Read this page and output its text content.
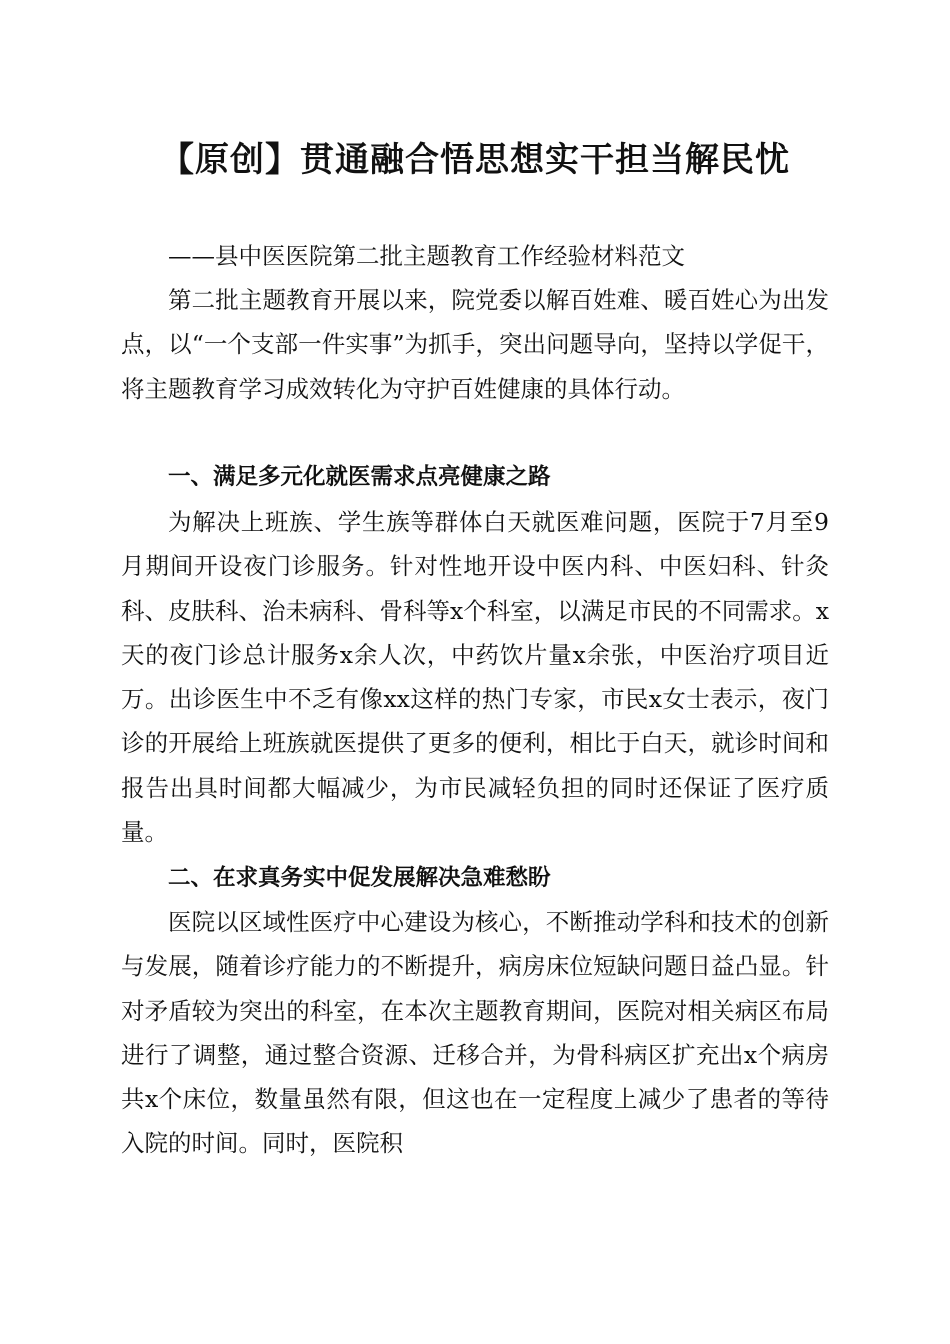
【原创】贯通融合悟思想实干担当解民忧

——县中医医院第二批主题教育工作经验材料范文

第二批主题教育开展以来，院党委以解百姓难、暖百姓心为出发点，以“一个支部一件实事”为抓手，突出问题导向，坚持以学促干，将主题教育学习成效转化为守护百姓健康的具体行动。

一、满足多元化就医需求点亮健康之路

为解决上班族、学生族等群体白天就医难问题，医院于7月至9月期间开设夜门诊服务。针对性地开设中医内科、中医妇科、针灸科、皮肤科、治未病科、骨科等x个科室，以满足市民的不同需求。x天的夜门诊总计服务x余人次，中药饮片量x余张，中医治疗项目近万。出诊医生中不乏有像xx这样的热门专家，市民x女士表示，夜门诊的开展给上班族就医提供了更多的便利，相比于白天，就诊时间和报告出具时间都大幅减少，为市民减轻负担的同时还保证了医疗质量。

二、在求真务实中促发展解决急难愁盼

医院以区域性医疗中心建设为核心，不断推动学科和技术的创新与发展，随着诊疗能力的不断提升，病房床位短缺问题日益凸显。针对矛盾较为突出的科室，在本次主题教育期间，医院对相关病区布局进行了调整，通过整合资源、迁移合并，为骨科病区扩充出x个病房共x个床位，数量虽然有限，但这也在一定程度上减少了患者的等待入院的时间。同时，医院积
